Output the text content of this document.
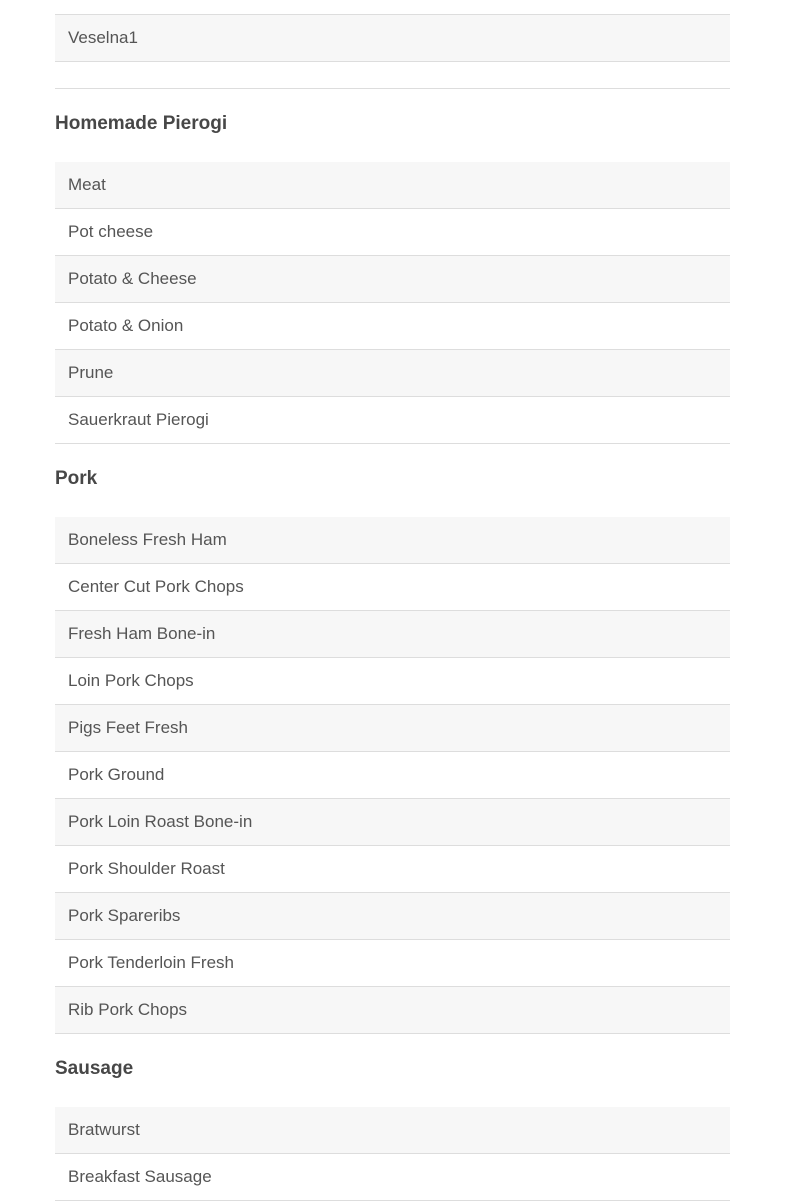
Veselna1

Homemade Pierogi
Meat
Pot cheese
Potato & Cheese
Potato & Onion
Prune
Sauerkraut Pierogi
Pork
Boneless Fresh Ham
Center Cut Pork Chops
Fresh Ham Bone-in
Loin Pork Chops
Pigs Feet Fresh
Pork Ground
Pork Loin Roast Bone-in
Pork Shoulder Roast
Pork Spareribs
Pork Tenderloin Fresh
Rib Pork Chops
Sausage
Bratwurst
Breakfast Sausage
